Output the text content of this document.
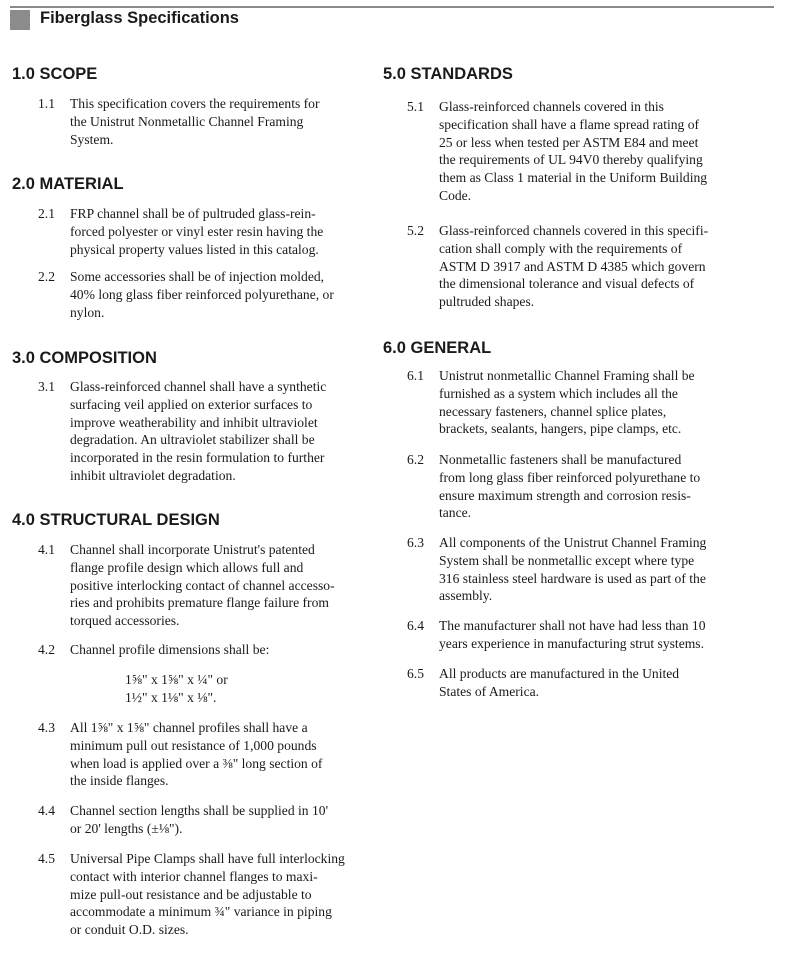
Fiberglass Specifications
1.0 SCOPE
1.1	This specification covers the requirements for
the Unistrut Nonmetallic Channel Framing
System.
2.0 MATERIAL
2.1	FRP channel shall be of pultruded glass-rein-
forced polyester or vinyl ester resin having the
physical property values listed in this catalog.
2.2	Some accessories shall be of injection molded,
40% long glass fiber reinforced polyurethane, or
nylon.
3.0 COMPOSITION
3.1	Glass-reinforced channel shall have a synthetic
surfacing veil applied on exterior surfaces to
improve weatherability and inhibit ultraviolet
degradation. An ultraviolet stabilizer shall be
incorporated in the resin formulation to further
inhibit ultraviolet degradation.
4.0 STRUCTURAL DESIGN
4.1	Channel shall incorporate Unistrut's patented
flange profile design which allows full and
positive interlocking contact of channel accesso-
ries and prohibits premature flange failure from
torqued accessories.
4.2	Channel profile dimensions shall be:
1⅝" x 1⅝" x ¼" or
1½" x 1⅛" x ⅛".
4.3	All 1⅝" x 1⅝" channel profiles shall have a
minimum pull out resistance of 1,000 pounds
when load is applied over a ⅜" long section of
the inside flanges.
4.4	Channel section lengths shall be supplied in 10'
or 20' lengths (±⅛").
4.5	Universal Pipe Clamps shall have full interlocking
contact with interior channel flanges to maxi-
mize pull-out resistance and be adjustable to
accommodate a minimum ¾" variance in piping
or conduit O.D. sizes.
5.0 STANDARDS
5.1	Glass-reinforced channels covered in this
specification shall have a flame spread rating of
25 or less when tested per ASTM E84 and meet
the requirements of UL 94V0 thereby qualifying
them as Class 1 material in the Uniform Building
Code.
5.2	Glass-reinforced channels covered in this specifi-
cation shall comply with the requirements of
ASTM D 3917 and ASTM D 4385 which govern
the dimensional tolerance and visual defects of
pultruded shapes.
6.0 GENERAL
6.1	Unistrut nonmetallic Channel Framing shall be
furnished as a system which includes all the
necessary fasteners, channel splice plates,
brackets, sealants, hangers, pipe clamps, etc.
6.2	Nonmetallic fasteners shall be manufactured
from long glass fiber reinforced polyurethane to
ensure maximum strength and corrosion resis-
tance.
6.3	All components of the Unistrut Channel Framing
System shall be nonmetallic except where type
316 stainless steel hardware is used as part of the
assembly.
6.4	The manufacturer shall not have had less than 10
years experience in manufacturing strut systems.
6.5	All products are manufactured in the United
States of America.
